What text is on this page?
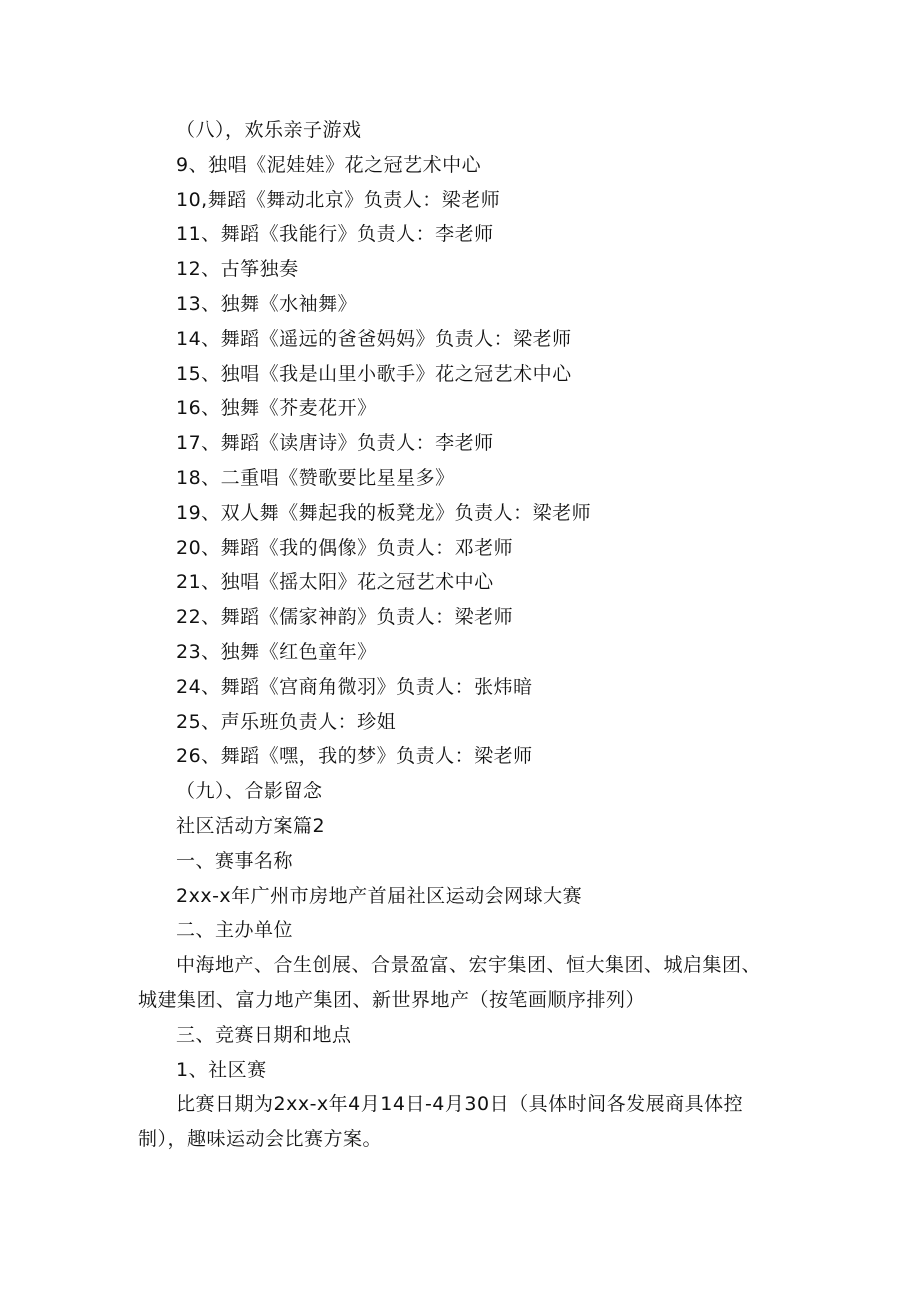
（八），欢乐亲子游戏
9、独唱《泥娃娃》花之冠艺术中心
10,舞蹈《舞动北京》负责人：梁老师
11、舞蹈《我能行》负责人：李老师
12、古筝独奏
13、独舞《水袖舞》
14、舞蹈《遥远的爸爸妈妈》负责人：梁老师
15、独唱《我是山里小歌手》花之冠艺术中心
16、独舞《芥麦花开》
17、舞蹈《读唐诗》负责人：李老师
18、二重唱《赞歌要比星星多》
19、双人舞《舞起我的板凳龙》负责人：梁老师
20、舞蹈《我的偶像》负责人：邓老师
21、独唱《摇太阳》花之冠艺术中心
22、舞蹈《儒家神韵》负责人：梁老师
23、独舞《红色童年》
24、舞蹈《宫商角微羽》负责人：张炜暗
25、声乐班负责人：珍姐
26、舞蹈《嘿，我的梦》负责人：梁老师
（九）、合影留念
社区活动方案篇2
一、赛事名称
2xx-x年广州市房地产首届社区运动会网球大赛
二、主办单位
中海地产、合生创展、合景盈富、宏宇集团、恒大集团、城启集团、
城建集团、富力地产集团、新世界地产（按笔画顺序排列）
三、竞赛日期和地点
1、社区赛
比赛日期为2xx-x年4月14日-4月30日（具体时间各发展商具体控
制），趣味运动会比赛方案。
